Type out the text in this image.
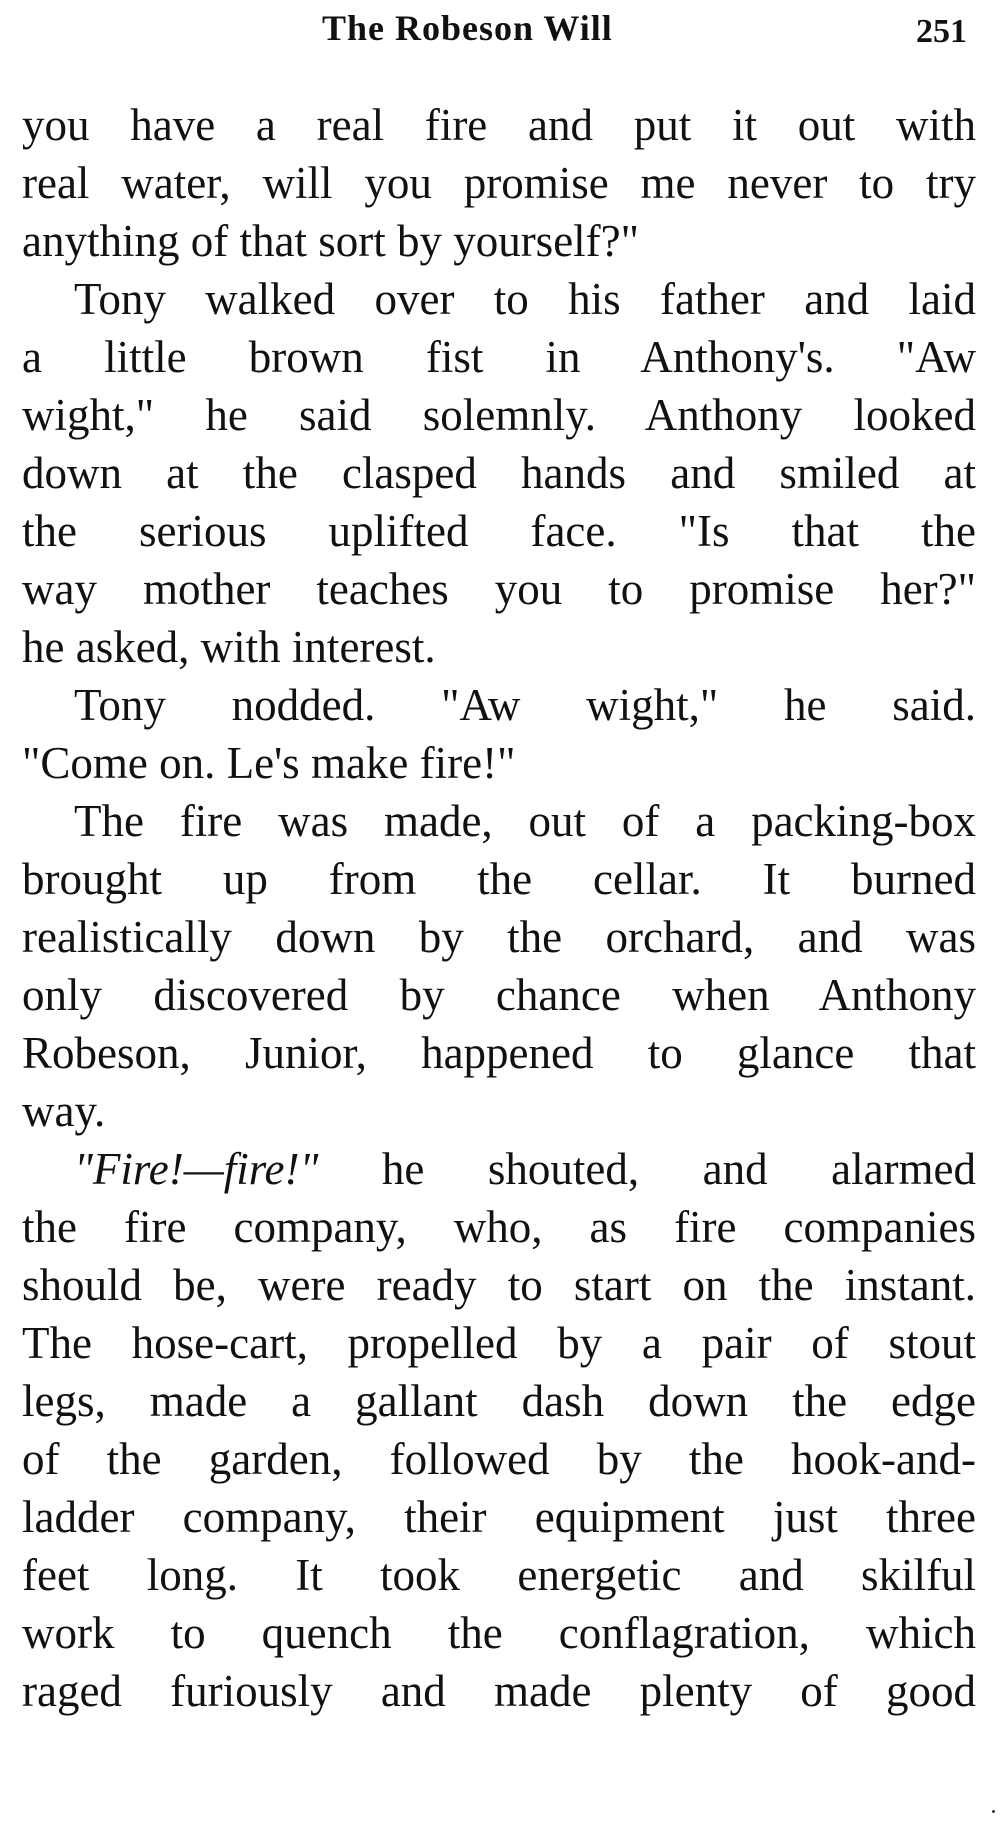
The Robeson Will	251
you have a real fire and put it out with
real water, will you promise me never to try
anything of that sort by yourself?"
Tony walked over to his father and laid
a little brown fist in Anthony's. "Aw
wight," he said solemnly. Anthony looked
down at the clasped hands and smiled at
the serious uplifted face. "Is that the
way mother teaches you to promise her?"
he asked, with interest.
Tony nodded. "Aw wight," he said.
"Come on. Le's make fire!"
The fire was made, out of a packing-box
brought up from the cellar. It burned
realistically down by the orchard, and was
only discovered by chance when Anthony
Robeson, Junior, happened to glance that
way.
"Fire!—fire!" he shouted, and alarmed
the fire company, who, as fire companies
should be, were ready to start on the instant.
The hose-cart, propelled by a pair of stout
legs, made a gallant dash down the edge
of the garden, followed by the hook-and-
ladder company, their equipment just three
feet long. It took energetic and skilful
work to quench the conflagration, which
raged furiously and made plenty of good
